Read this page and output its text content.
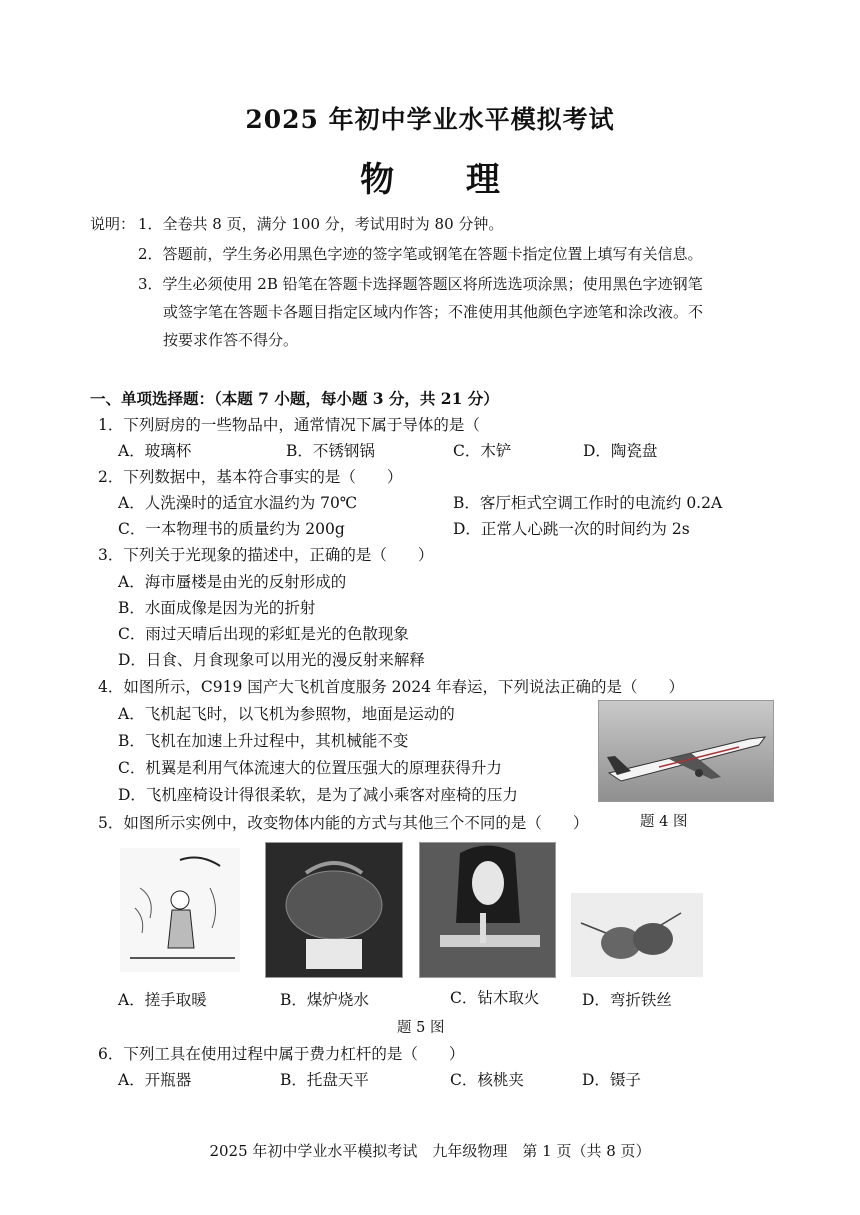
2025 年初中学业水平模拟考试
物 理
说明： 1．全卷共 8 页，满分 100 分，考试用时为 80 分钟。
2．答题前，学生务必用黑色字迹的签字笔或钢笔在答题卡指定位置上填写有关信息。
3．学生必须使用 2B 铅笔在答题卡选择题答题区将所选选项涂黑；使用黑色字迹钢笔
或签字笔在答题卡各题目指定区域内作答；不准使用其他颜色字迹笔和涂改液。不
按要求作答不得分。
一、单项选择题：（本题 7 小题，每小题 3 分，共 21 分）
1．下列厨房的一些物品中，通常情况下属于导体的是（
A．玻璃杯	B．不锈钢锅	C．木铲	D．陶瓷盘
2．下列数据中，基本符合事实的是（　　）
A．人洗澡时的适宜水温约为 70℃	B．客厅柜式空调工作时的电流约 0.2A
C．一本物理书的质量约为 200g	D．正常人心跳一次的时间约为 2s
3．下列关于光现象的描述中，正确的是（　　）
A．海市蜃楼是由光的反射形成的
B．水面成像是因为光的折射
C．雨过天晴后出现的彩虹是光的色散现象
D．日食、月食现象可以用光的漫反射来解释
4．如图所示，C919 国产大飞机首度服务 2024 年春运，下列说法正确的是（　　）
A．飞机起飞时，以飞机为参照物，地面是运动的
B．飞机在加速上升过程中，其机械能不变
C．机翼是利用气体流速大的位置压强大的原理获得升力
D．飞机座椅设计得很柔软，是为了减小乘客对座椅的压力
题 4 图
5．如图所示实例中，改变物体内能的方式与其他三个不同的是（　　）
A．搓手取暖	B．煤炉烧水	C．钻木取火	D．弯折铁丝
题 5 图
6．下列工具在使用过程中属于费力杠杆的是（　　）
A．开瓶器	B．托盘天平	C．核桃夹	D．镊子
2025 年初中学业水平模拟考试　九年级物理　第 1 页（共 8 页）
